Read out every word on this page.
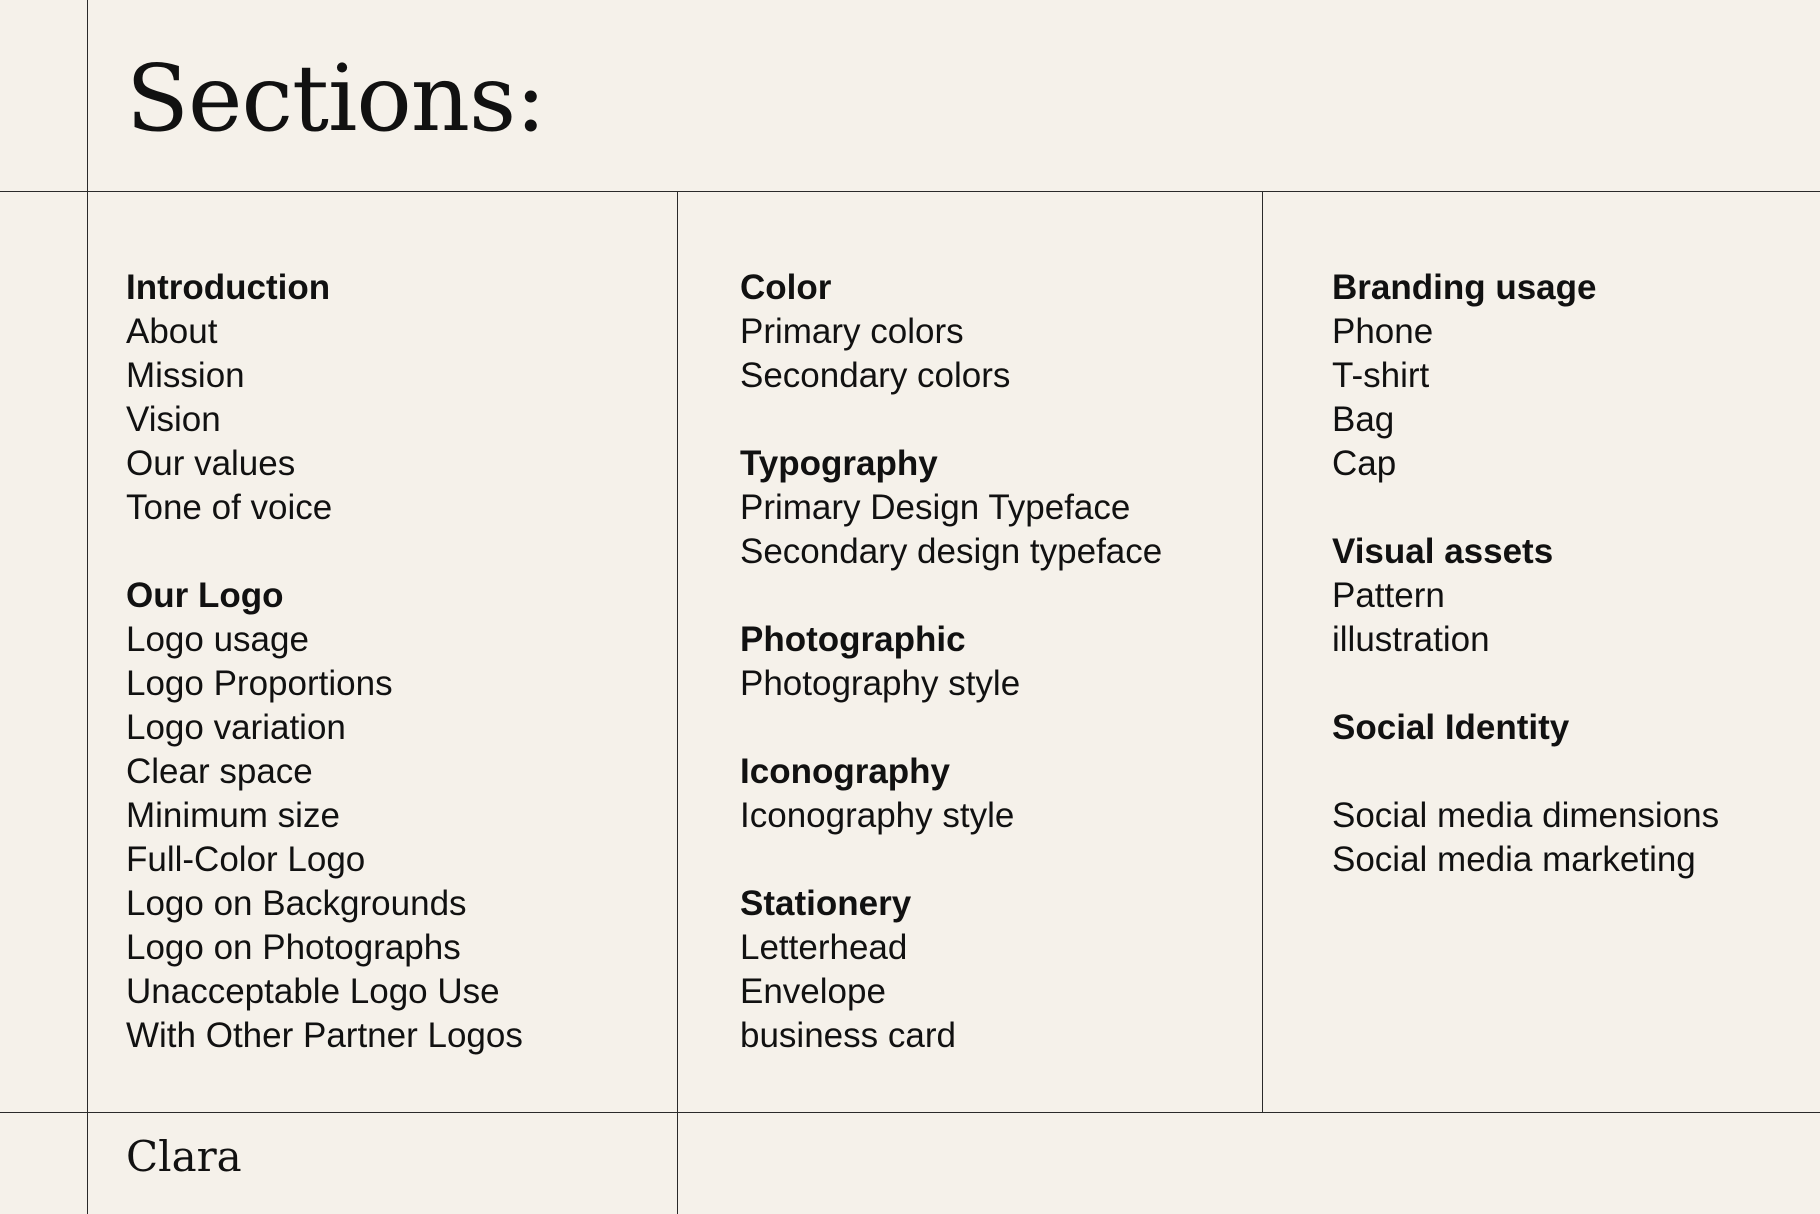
Sections:
Introduction
About
Mission
Vision
Our values
Tone of voice
Our Logo
Logo usage
Logo Proportions
Logo variation
Clear space
Minimum size
Full-Color Logo
Logo on Backgrounds
Logo on Photographs
Unacceptable Logo Use
With Other Partner Logos
Color
Primary colors
Secondary colors
Typography
Primary Design Typeface
Secondary design typeface
Photographic
Photography style
Iconography
Iconography style
Stationery
Letterhead
Envelope
business card
Branding usage
Phone
T-shirt
Bag
Cap
Visual assets
Pattern
illustration
Social Identity
Social media dimensions
Social media marketing
Clara
